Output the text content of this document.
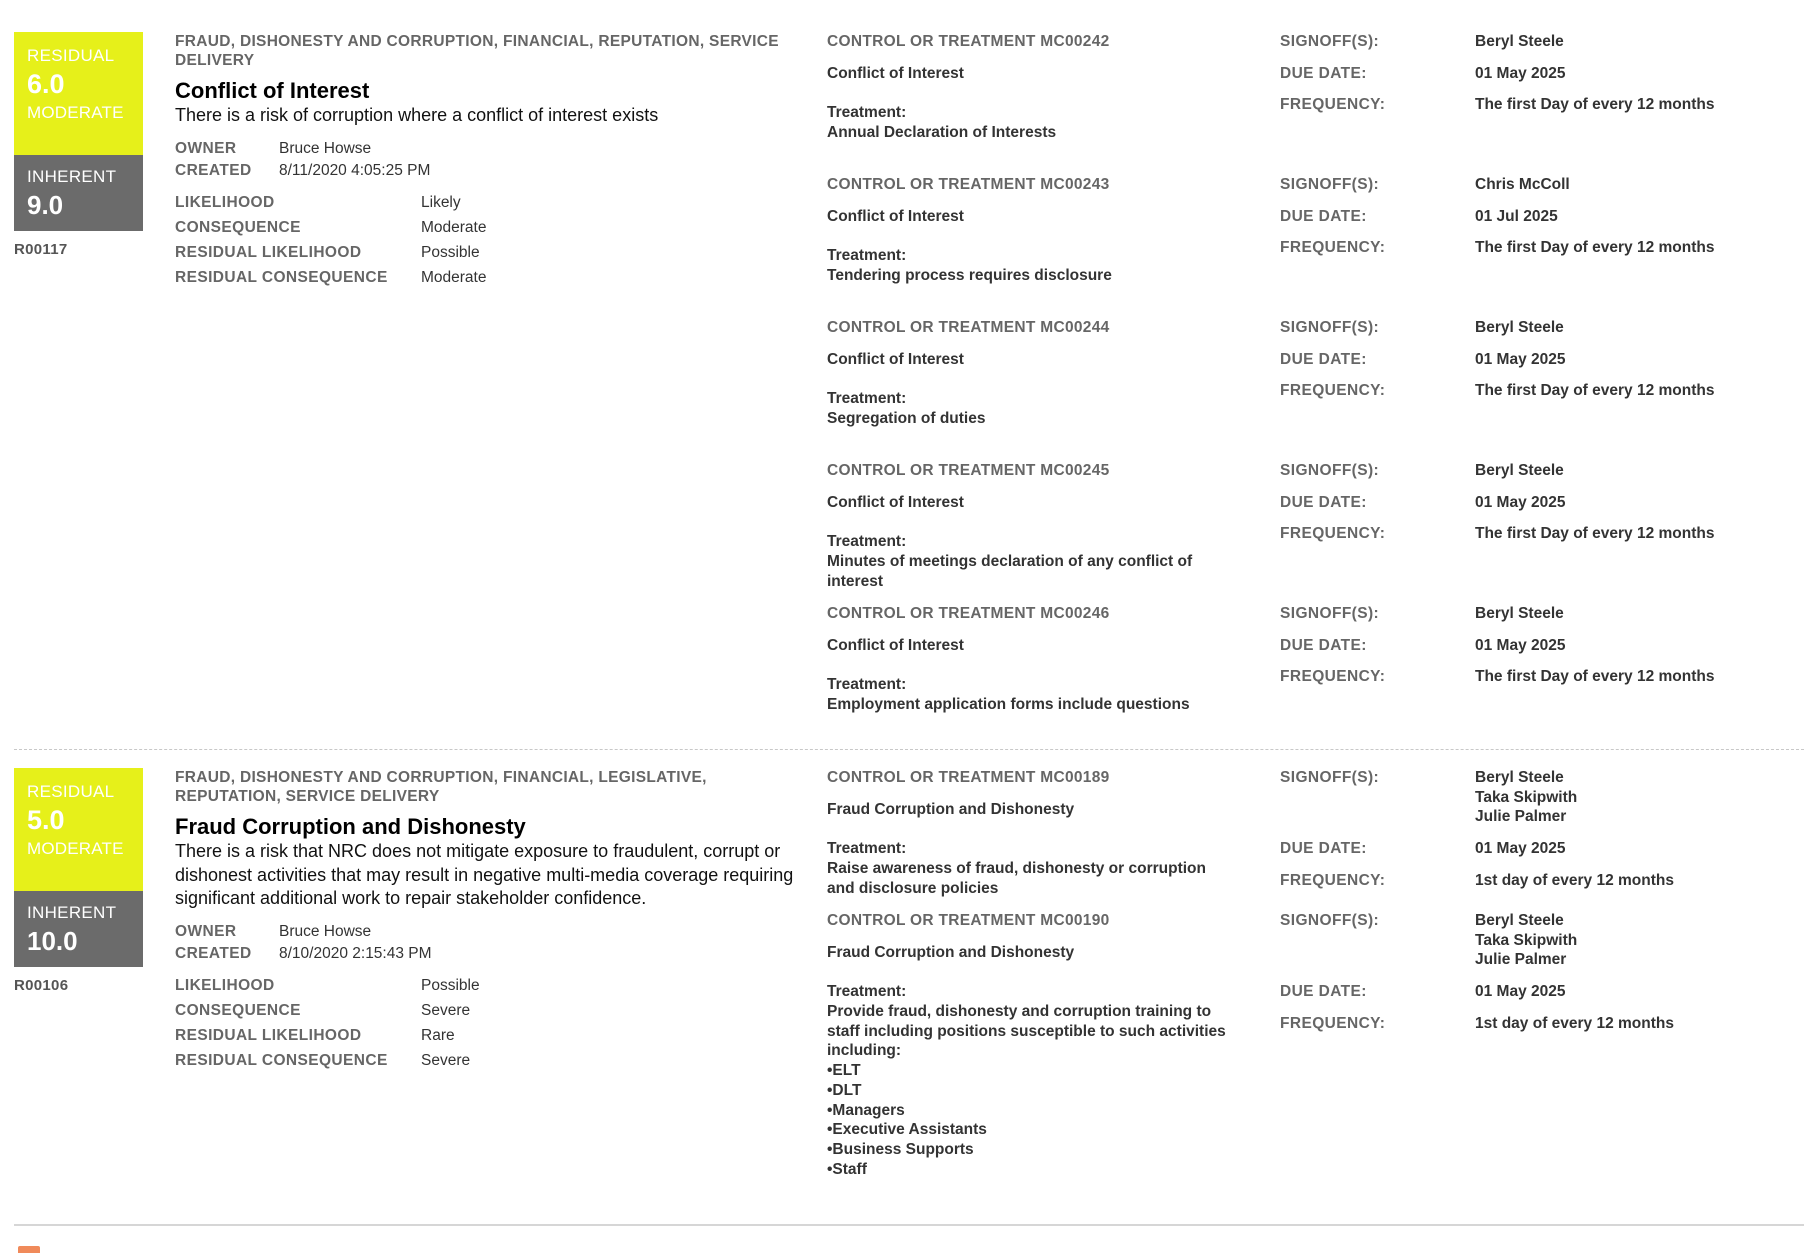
RESIDUAL
6.0
MODERATE
INHERENT
9.0
R00117
FRAUD, DISHONESTY AND CORRUPTION, FINANCIAL, REPUTATION, SERVICE DELIVERY
Conflict of Interest
There is a risk of corruption where a conflict of interest exists
OWNER	Bruce Howse
CREATED	8/11/2020 4:05:25 PM
LIKELIHOOD	Likely
CONSEQUENCE	Moderate
RESIDUAL LIKELIHOOD	Possible
RESIDUAL CONSEQUENCE	Moderate
CONTROL OR TREATMENT MC00242
Conflict of Interest
Treatment:
Annual Declaration of Interests
SIGNOFF(S):	Beryl Steele
DUE DATE:	01 May 2025
FREQUENCY:	The first Day of every 12 months
CONTROL OR TREATMENT MC00243
Conflict of Interest
Treatment:
Tendering process requires disclosure
SIGNOFF(S):	Chris McColl
DUE DATE:	01 Jul 2025
FREQUENCY:	The first Day of every 12 months
CONTROL OR TREATMENT MC00244
Conflict of Interest
Treatment:
Segregation of duties
SIGNOFF(S):	Beryl Steele
DUE DATE:	01 May 2025
FREQUENCY:	The first Day of every 12 months
CONTROL OR TREATMENT MC00245
Conflict of Interest
Treatment:
Minutes of meetings declaration of any conflict of interest
SIGNOFF(S):	Beryl Steele
DUE DATE:	01 May 2025
FREQUENCY:	The first Day of every 12 months
CONTROL OR TREATMENT MC00246
Conflict of Interest
Treatment:
Employment application forms include questions
SIGNOFF(S):	Beryl Steele
DUE DATE:	01 May 2025
FREQUENCY:	The first Day of every 12 months
RESIDUAL
5.0
MODERATE
INHERENT
10.0
R00106
FRAUD, DISHONESTY AND CORRUPTION, FINANCIAL, LEGISLATIVE, REPUTATION, SERVICE DELIVERY
Fraud Corruption and Dishonesty
There is a risk that NRC does not mitigate exposure to fraudulent, corrupt or dishonest activities that may result in negative multi-media coverage requiring significant additional work to repair stakeholder confidence.
OWNER	Bruce Howse
CREATED	8/10/2020 2:15:43 PM
LIKELIHOOD	Possible
CONSEQUENCE	Severe
RESIDUAL LIKELIHOOD	Rare
RESIDUAL CONSEQUENCE	Severe
CONTROL OR TREATMENT MC00189
Fraud Corruption and Dishonesty
Treatment:
Raise awareness of fraud, dishonesty or corruption and disclosure policies
SIGNOFF(S):	Beryl Steele
Taka Skipwith
Julie Palmer
DUE DATE:	01 May 2025
FREQUENCY:	1st day of every 12 months
CONTROL OR TREATMENT MC00190
Fraud Corruption and Dishonesty
Treatment:
Provide fraud, dishonesty and corruption training to staff including positions susceptible to such activities including:
•ELT
•DLT
•Managers
•Executive Assistants
•Business Supports
•Staff
SIGNOFF(S):	Beryl Steele
Taka Skipwith
Julie Palmer
DUE DATE:	01 May 2025
FREQUENCY:	1st day of every 12 months
